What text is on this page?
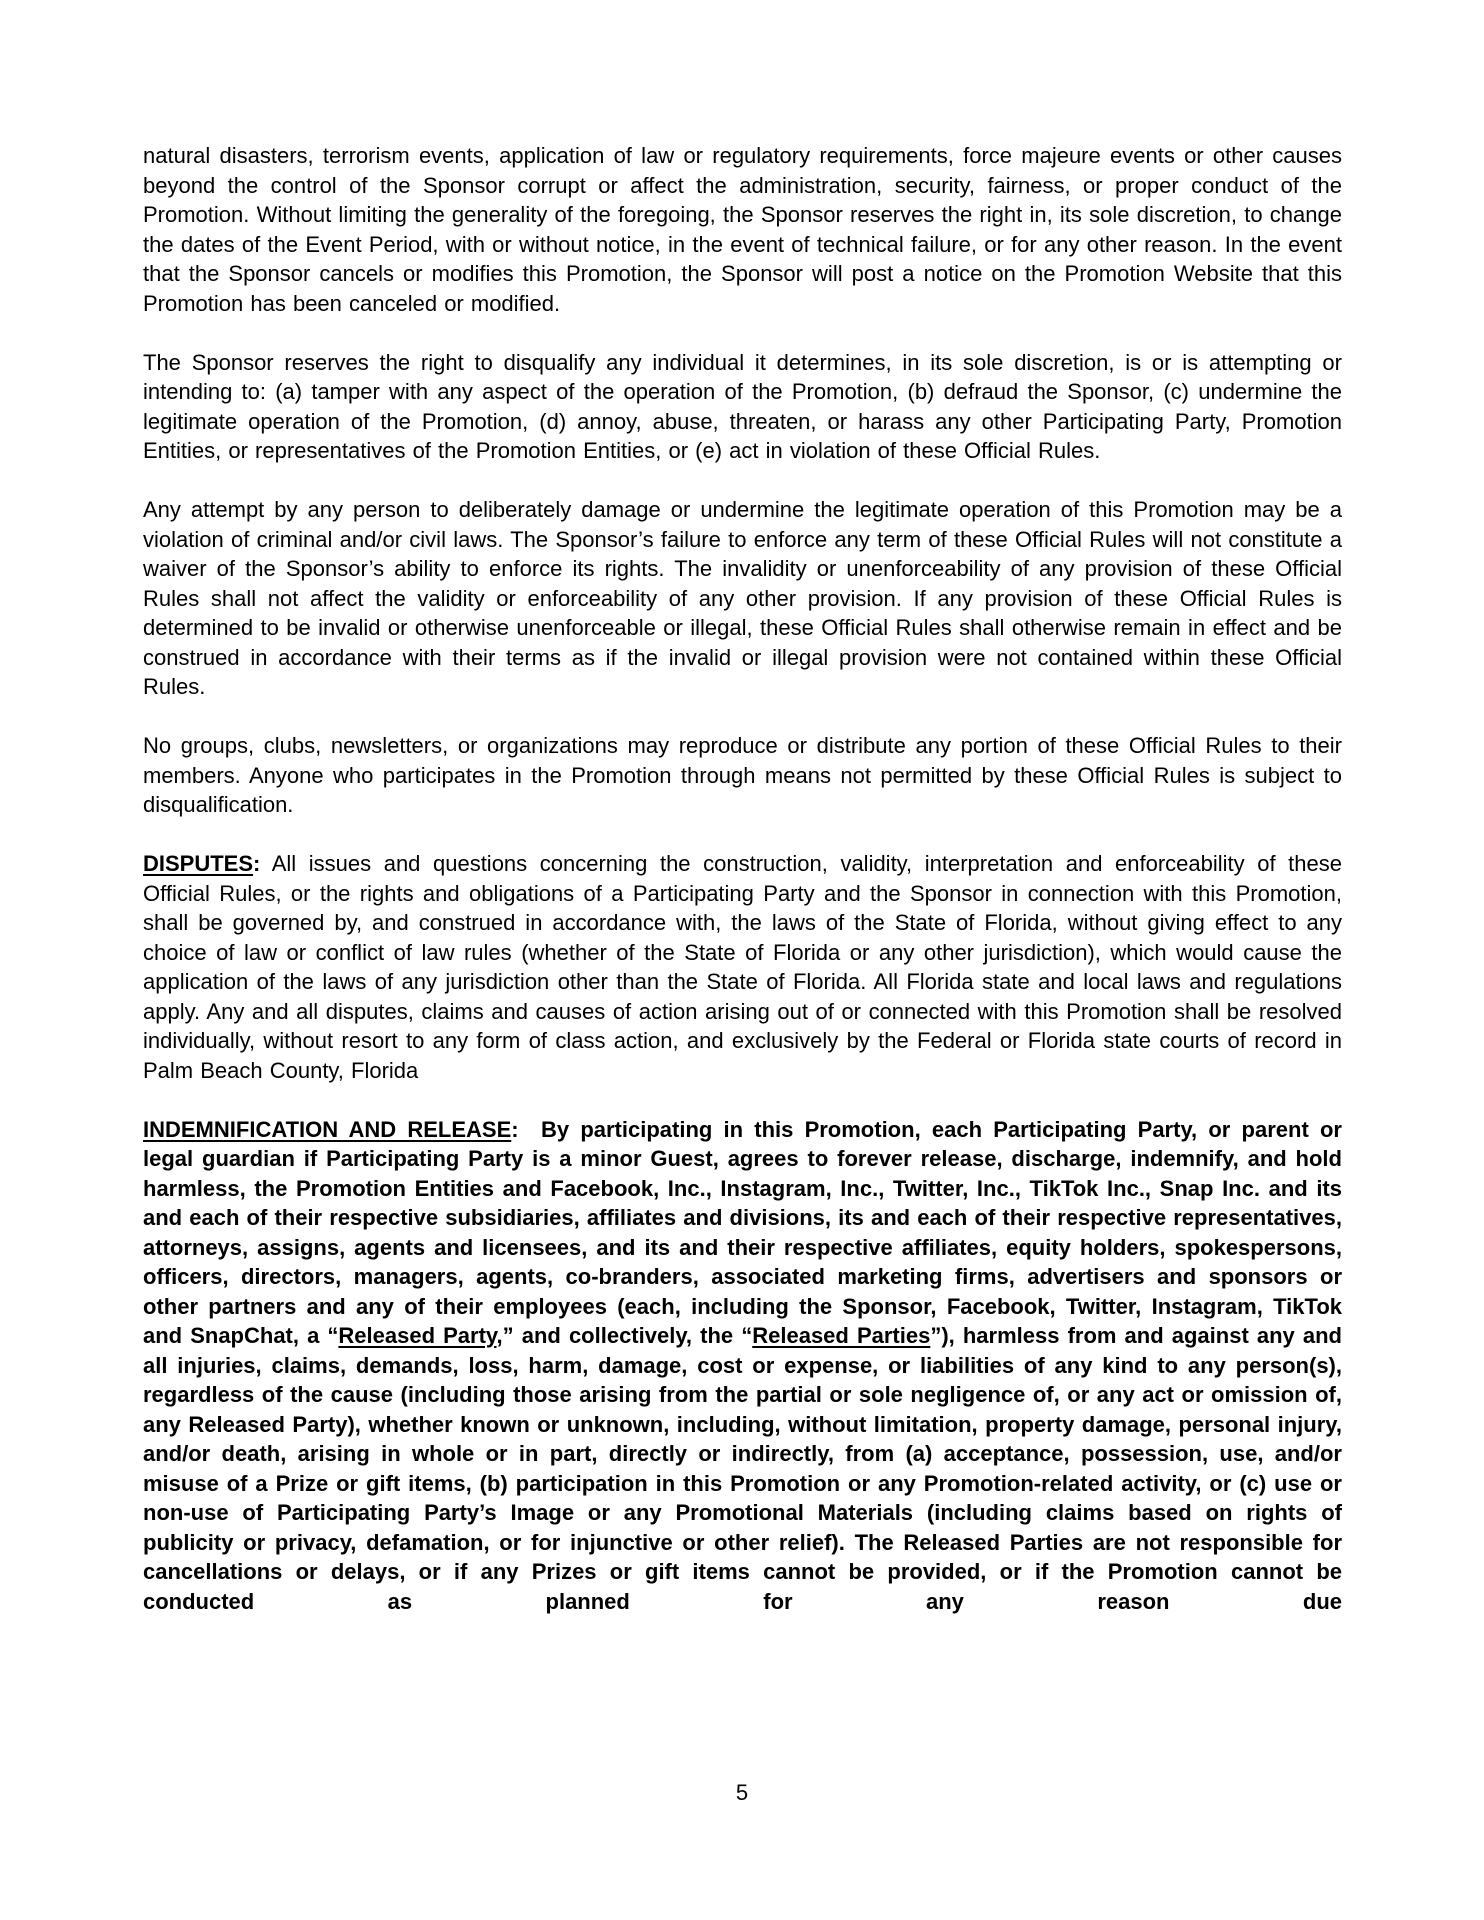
natural disasters, terrorism events, application of law or regulatory requirements, force majeure events or other causes beyond the control of the Sponsor corrupt or affect the administration, security, fairness, or proper conduct of the Promotion. Without limiting the generality of the foregoing, the Sponsor reserves the right in, its sole discretion, to change the dates of the Event Period, with or without notice, in the event of technical failure, or for any other reason. In the event that the Sponsor cancels or modifies this Promotion, the Sponsor will post a notice on the Promotion Website that this Promotion has been canceled or modified.

The Sponsor reserves the right to disqualify any individual it determines, in its sole discretion, is or is attempting or intending to: (a) tamper with any aspect of the operation of the Promotion, (b) defraud the Sponsor, (c) undermine the legitimate operation of the Promotion, (d) annoy, abuse, threaten, or harass any other Participating Party, Promotion Entities, or representatives of the Promotion Entities, or (e) act in violation of these Official Rules.

Any attempt by any person to deliberately damage or undermine the legitimate operation of this Promotion may be a violation of criminal and/or civil laws. The Sponsor’s failure to enforce any term of these Official Rules will not constitute a waiver of the Sponsor’s ability to enforce its rights. The invalidity or unenforceability of any provision of these Official Rules shall not affect the validity or enforceability of any other provision. If any provision of these Official Rules is determined to be invalid or otherwise unenforceable or illegal, these Official Rules shall otherwise remain in effect and be construed in accordance with their terms as if the invalid or illegal provision were not contained within these Official Rules.

No groups, clubs, newsletters, or organizations may reproduce or distribute any portion of these Official Rules to their members. Anyone who participates in the Promotion through means not permitted by these Official Rules is subject to disqualification.

DISPUTES: All issues and questions concerning the construction, validity, interpretation and enforceability of these Official Rules, or the rights and obligations of a Participating Party and the Sponsor in connection with this Promotion, shall be governed by, and construed in accordance with, the laws of the State of Florida, without giving effect to any choice of law or conflict of law rules (whether of the State of Florida or any other jurisdiction), which would cause the application of the laws of any jurisdiction other than the State of Florida. All Florida state and local laws and regulations apply. Any and all disputes, claims and causes of action arising out of or connected with this Promotion shall be resolved individually, without resort to any form of class action, and exclusively by the Federal or Florida state courts of record in Palm Beach County, Florida

INDEMNIFICATION AND RELEASE:  By participating in this Promotion, each Participating Party, or parent or legal guardian if Participating Party is a minor Guest, agrees to forever release, discharge, indemnify, and hold harmless, the Promotion Entities and Facebook, Inc., Instagram, Inc., Twitter, Inc., TikTok Inc., Snap Inc. and its and each of their respective subsidiaries, affiliates and divisions, its and each of their respective representatives, attorneys, assigns, agents and licensees, and its and their respective affiliates, equity holders, spokespersons, officers, directors, managers, agents, co-branders, associated marketing firms, advertisers and sponsors or other partners and any of their employees (each, including the Sponsor, Facebook, Twitter, Instagram, TikTok and SnapChat, a “Released Party,” and collectively, the “Released Parties”), harmless from and against any and all injuries, claims, demands, loss, harm, damage, cost or expense, or liabilities of any kind to any person(s), regardless of the cause (including those arising from the partial or sole negligence of, or any act or omission of, any Released Party), whether known or unknown, including, without limitation, property damage, personal injury, and/or death, arising in whole or in part, directly or indirectly, from (a) acceptance, possession, use, and/or misuse of a Prize or gift items, (b) participation in this Promotion or any Promotion-related activity, or (c) use or non-use of Participating Party’s Image or any Promotional Materials (including claims based on rights of publicity or privacy, defamation, or for injunctive or other relief). The Released Parties are not responsible for cancellations or delays, or if any Prizes or gift items cannot be provided, or if the Promotion cannot be conducted as planned for any reason due

5
